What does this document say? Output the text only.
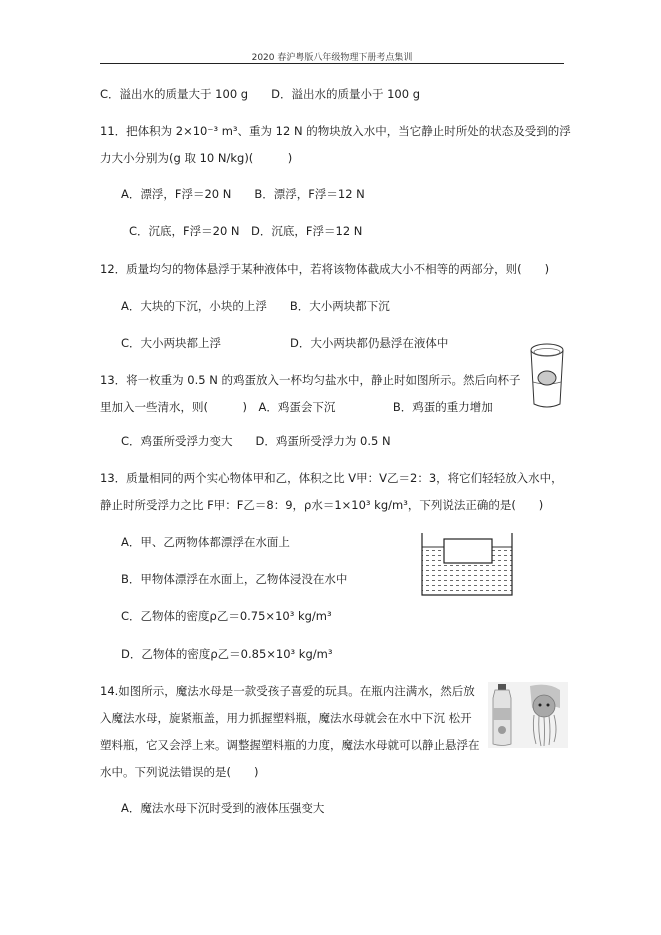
2020 春沪粤版八年级物理下册考点集训
C．溢出水的质量大于 100 g　　D．溢出水的质量小于 100 g
11．把体积为 2×10⁻³ m³、重为 12 N 的物块放入水中，当它静止时所处的状态及受到的浮
力大小分别为(g 取 10 N/kg)(　　　)
A．漂浮，F浮＝20 N　　B．漂浮，F浮＝12 N
C．沉底，F浮＝20 N　D．沉底，F浮＝12 N
12．质量均匀的物体悬浮于某种液体中，若将该物体截成大小不相等的两部分，则(　　)
A．大块的下沉，小块的上浮　　B．大小两块都下沉
C．大小两块都上浮　　　　　　D．大小两块都仍悬浮在液体中
13．将一枚重为 0.5 N 的鸡蛋放入一杯均匀盐水中，静止时如图所示。然后向杯子
里加入一些清水，则(　　　)　A．鸡蛋会下沉　　　　　B．鸡蛋的重力增加
C．鸡蛋所受浮力变大　　D．鸡蛋所受浮力为 0.5 N
13．质量相同的两个实心物体甲和乙，体积之比 V甲：V乙＝2：3，将它们轻轻放入水中，
静止时所受浮力之比 F甲：F乙＝8：9，ρ水＝1×10³ kg/m³，下列说法正确的是(　　)
A．甲、乙两物体都漂浮在水面上
B．甲物体漂浮在水面上，乙物体浸没在水中
C．乙物体的密度ρ乙＝0.75×10³ kg/m³
D．乙物体的密度ρ乙＝0.85×10³ kg/m³
14.如图所示，魔法水母是一款受孩子喜爱的玩具。在瓶内注满水，然后放
入魔法水母，旋紧瓶盖，用力抓握塑料瓶，魔法水母就会在水中下沉 松开
塑料瓶，它又会浮上来。调整握塑料瓶的力度，魔法水母就可以静止悬浮在
水中。下列说法错误的是(　　)
A．魔法水母下沉时受到的液体压强变大
